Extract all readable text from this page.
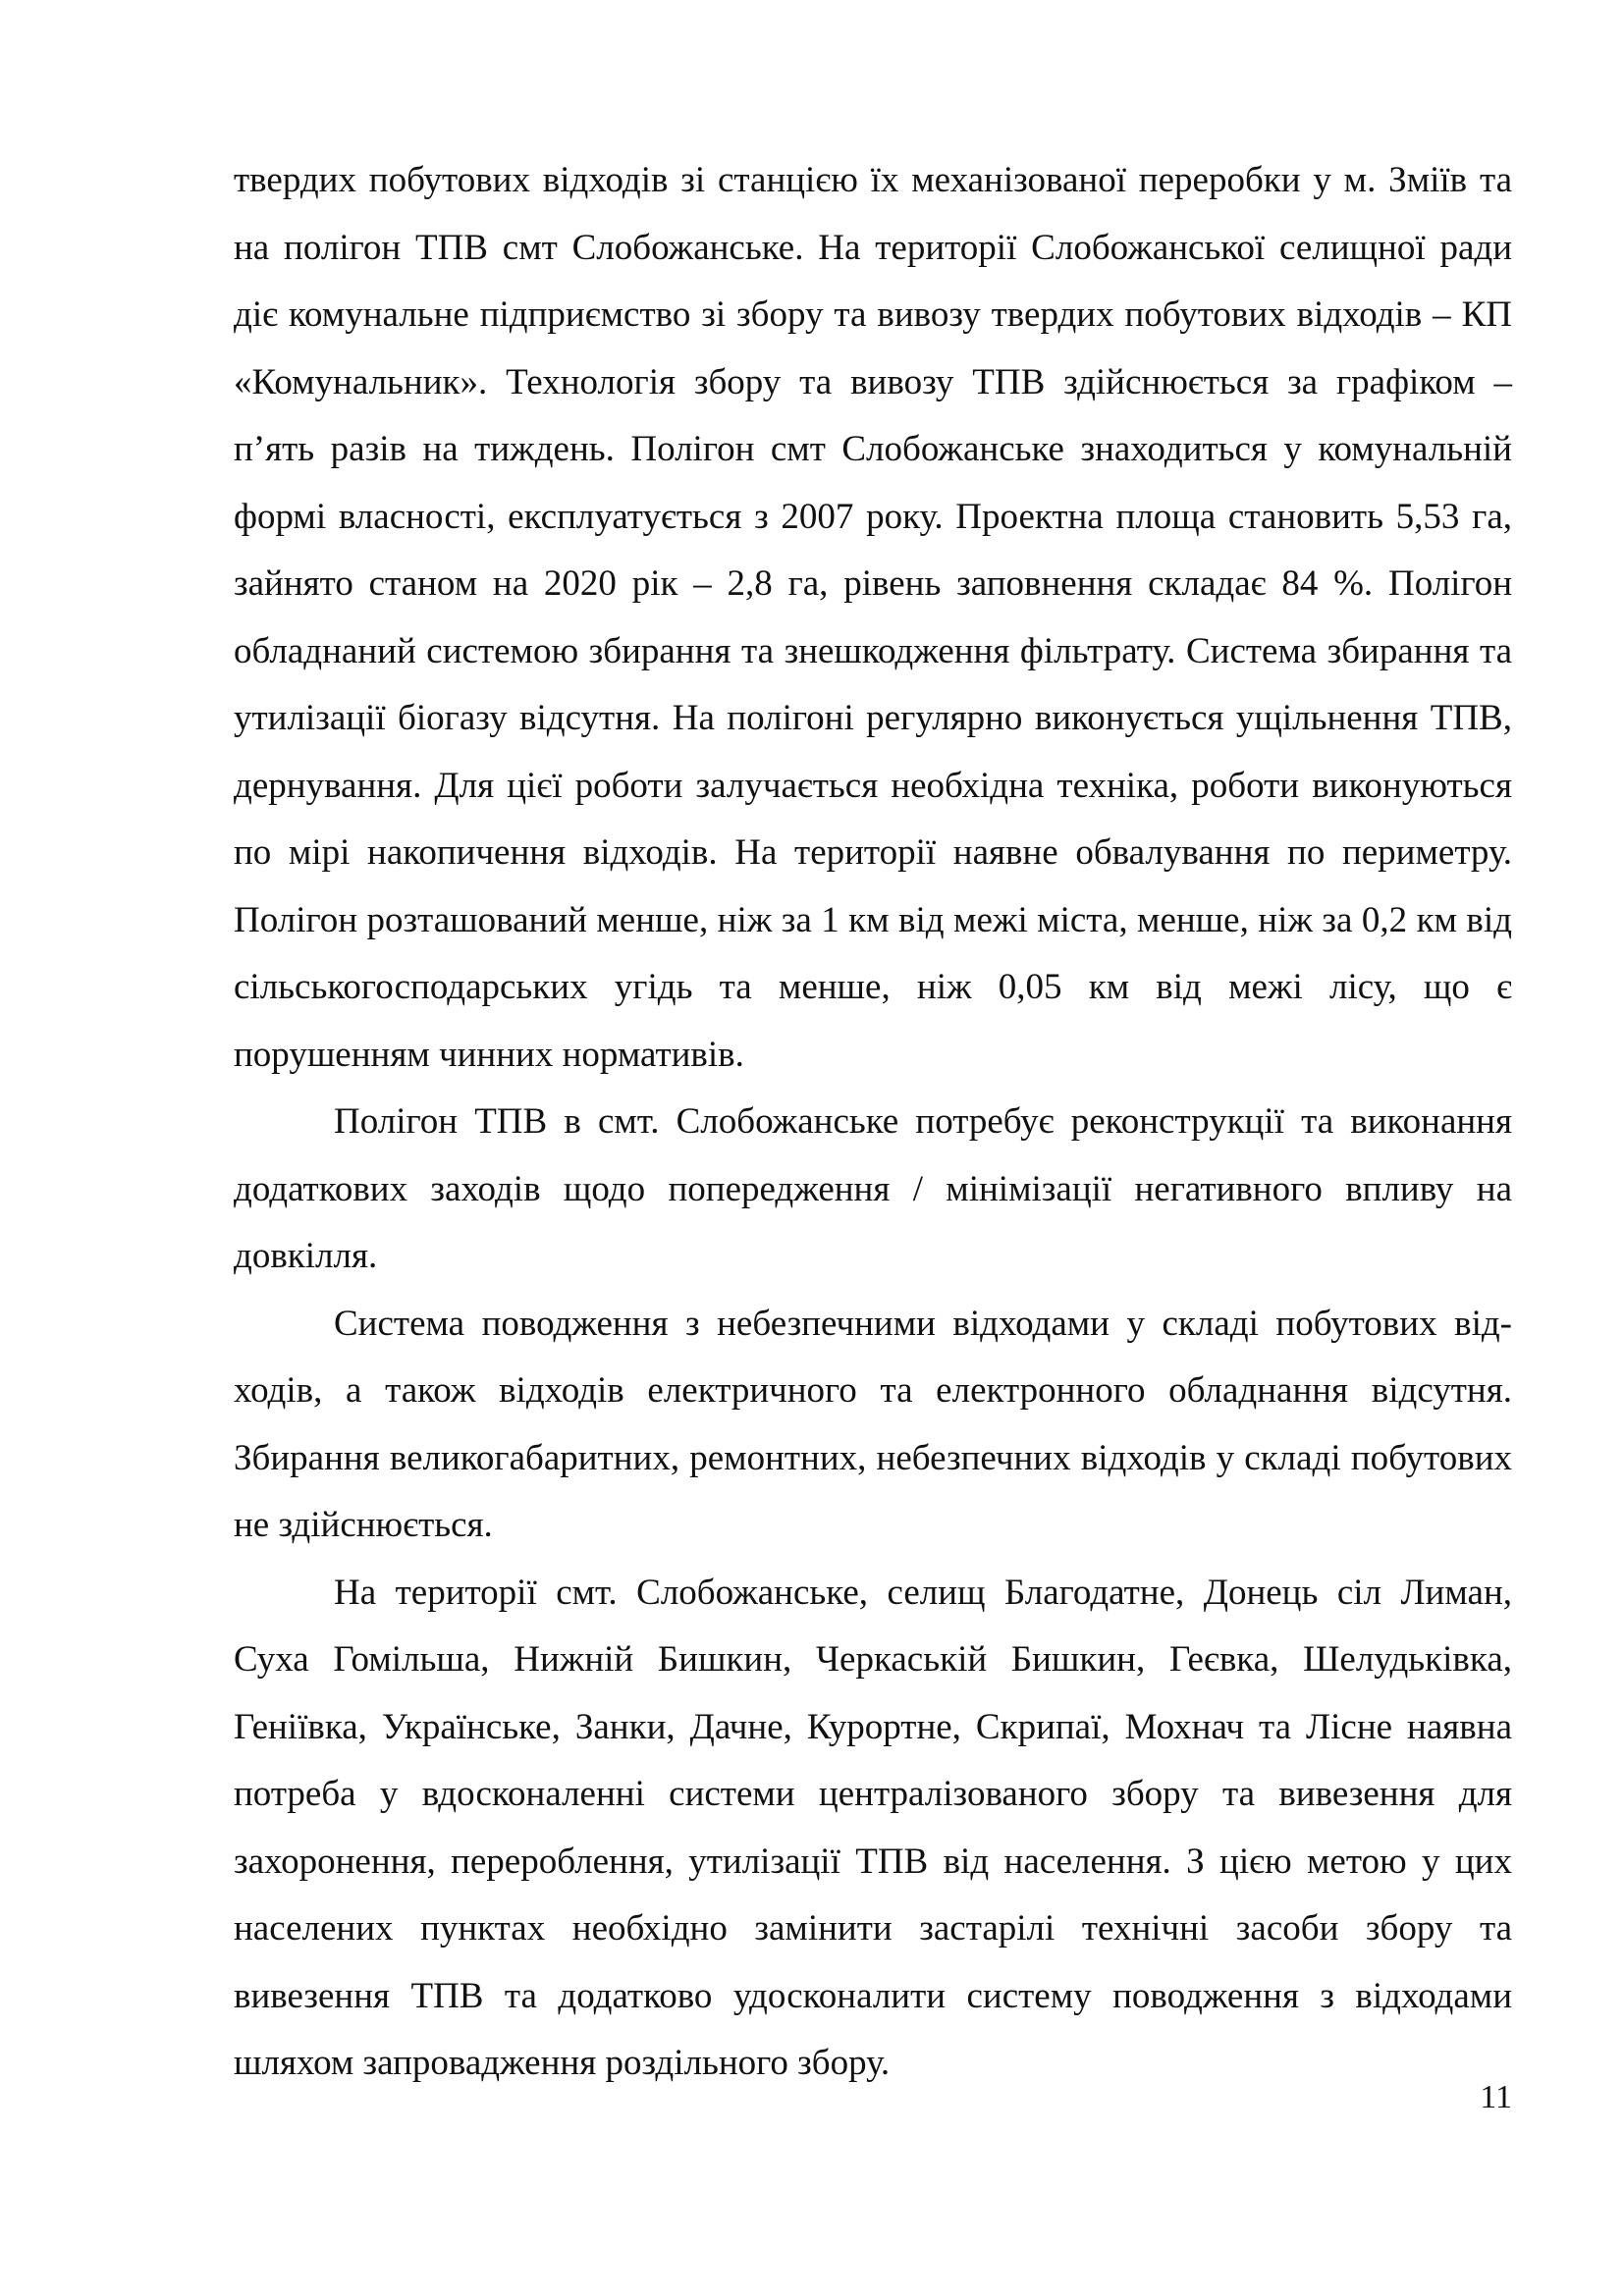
твердих побутових відходів зі станцією їх механізованої переробки у м. Зміїв та на полігон ТПВ смт Слобожанське. На території Слобожанської селищної ради діє комунальне підприємство зі збору та вивозу твердих побутових відходів – КП «Комунальник». Технологія збору та вивозу ТПВ здійснюється за графіком – п’ять разів на тиждень. Полігон смт Слобожанське знаходиться у комунальній формі власності, експлуатується з 2007 року. Проектна площа становить 5,53 га, зайнято станом на 2020 рік – 2,8 га, рівень заповнення складає 84 %. Полігон обладнаний системою збирання та знешкодження фільтрату. Система збирання та утилізації біогазу відсутня. На полігоні регулярно виконується ущільнення ТПВ, дернування. Для цієї роботи залучається необхідна техніка, роботи виконуються по мірі накопичення відходів. На території наявне обвалування по периметру. Полігон розташований менше, ніж за 1 км від межі міста, менше, ніж за 0,2 км від сільськогосподарських угідь та менше, ніж 0,05 км від межі лісу, що є порушенням чинних нормативів.

Полігон ТПВ в смт. Слобожанське потребує реконструкції та виконання додаткових заходів щодо попередження / мінімізації негативного впливу на довкілля.

Система поводження з небезпечними відходами у складі побутових відходів, а також відходів електричного та електронного обладнання відсутня. Збирання великогабаритних, ремонтних, небезпечних відходів у складі побутових не здійснюється.

На території смт. Слобожанське, селищ Благодатне, Донець сіл Лиман, Суха Гомільша, Нижній Бишкин, Черкаській Бишкин, Геєвка, Шелудьківка, Геніївка, Українське, Занки, Дачне, Курортне, Скрипаї, Мохнач та Лісне наявна потреба у вдосконаленні системи централізованого збору та вивезення для захоронення, перероблення, утилізації ТПВ від населення. З цією метою у цих населених пунктах необхідно замінити застарілі технічні засоби збору та вивезення ТПВ та додатково удосконалити систему поводження з відходами шляхом запровадження роздільного збору.

11
